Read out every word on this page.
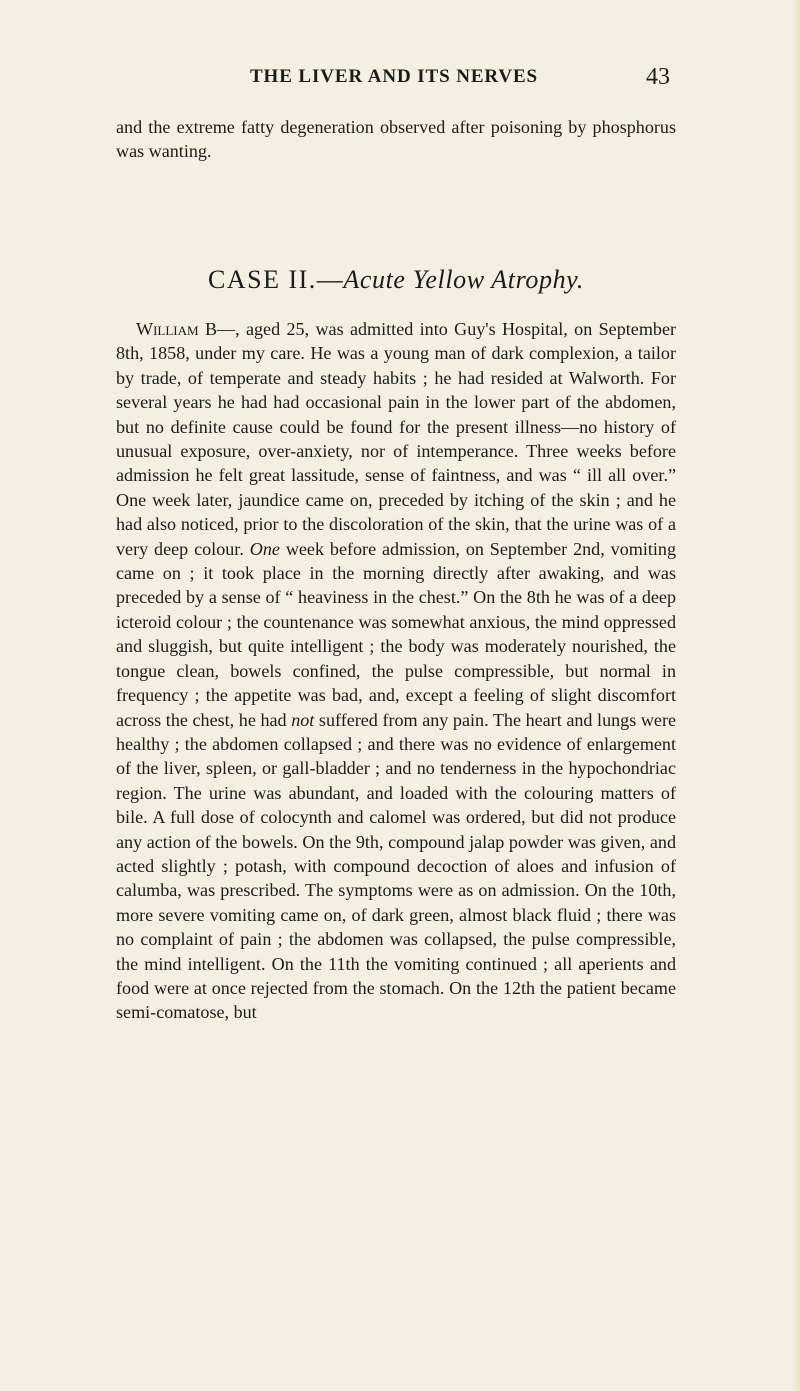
THE LIVER AND ITS NERVES	43

and the extreme fatty degeneration observed after poisoning by phosphorus was wanting.

CASE II.—Acute Yellow Atrophy.

William B—, aged 25, was admitted into Guy's Hospital, on September 8th, 1858, under my care. He was a young man of dark complexion, a tailor by trade, of temperate and steady habits ; he had resided at Walworth. For several years he had had occasional pain in the lower part of the abdomen, but no definite cause could be found for the present illness—no history of unusual exposure, over-anxiety, nor of intemperance. Three weeks before admission he felt great lassitude, sense of faintness, and was “ ill all over.” One week later, jaundice came on, preceded by itching of the skin ; and he had also noticed, prior to the discoloration of the skin, that the urine was of a very deep colour. One week before admission, on September 2nd, vomiting came on ; it took place in the morning directly after awaking, and was preceded by a sense of “ heaviness in the chest.” On the 8th he was of a deep icteroid colour ; the countenance was somewhat anxious, the mind oppressed and sluggish, but quite intelligent ; the body was moderately nourished, the tongue clean, bowels confined, the pulse compressible, but normal in frequency ; the appetite was bad, and, except a feeling of slight discomfort across the chest, he had not suffered from any pain. The heart and lungs were healthy ; the abdomen collapsed ; and there was no evidence of enlargement of the liver, spleen, or gall-bladder ; and no tenderness in the hypochondriac region. The urine was abundant, and loaded with the colouring matters of bile. A full dose of colocynth and calomel was ordered, but did not produce any action of the bowels. On the 9th, compound jalap powder was given, and acted slightly ; potash, with compound decoction of aloes and infusion of calumba, was prescribed. The symptoms were as on admission. On the 10th, more severe vomiting came on, of dark green, almost black fluid ; there was no complaint of pain ; the abdomen was collapsed, the pulse compressible, the mind intelligent. On the 11th the vomiting continued ; all aperients and food were at once rejected from the stomach. On the 12th the patient became semi-comatose, but
